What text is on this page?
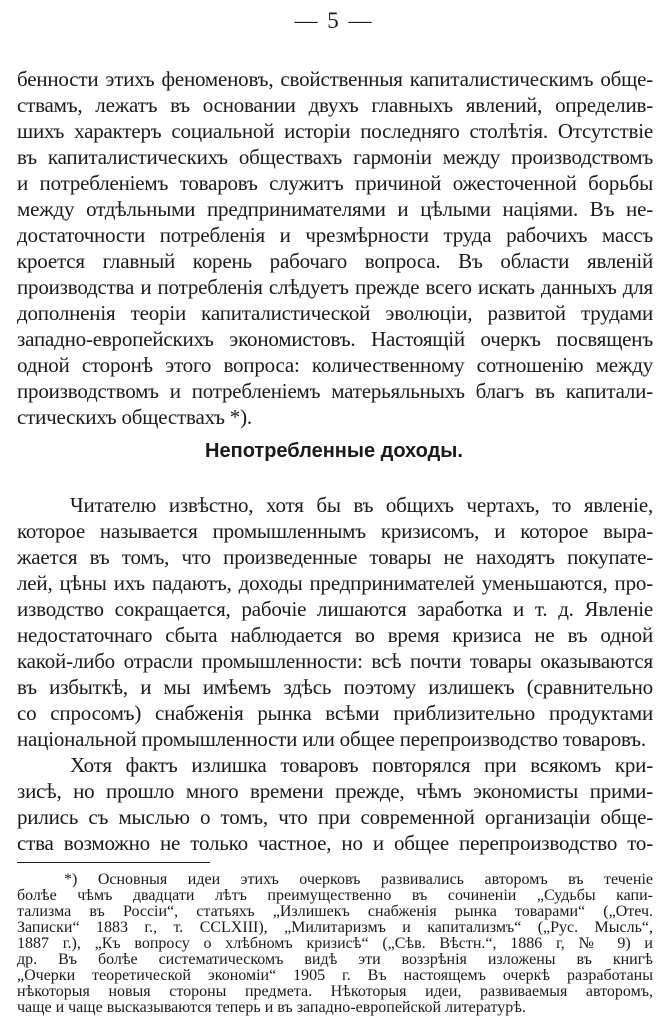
— 5 —
бенности этихъ феноменовъ, свойственныя капиталистическимъ обще-
ствамъ, лежатъ въ основании двухъ главныхъ явлений, определив-
шихъ характеръ социальной исторіи последняго столѣтія. Отсутствіе
въ капиталистическихъ обществахъ гармоніи между производствомъ
и потребленіемъ товаровъ служитъ причиной ожесточенной борьбы
между отдѣльными предпринимателями и цѣлыми націями. Въ не-
достаточности потребленія и чрезмѣрности труда рабочихъ массъ
кроется главный корень рабочаго вопроса. Въ области явленій
производства и потребленія слѣдуетъ прежде всего искать данныхъ для
дополненія теоріи капиталистической эволюціи, развитой трудами
западно-европейскихъ экономистовъ. Настоящій очеркъ посвященъ
одной сторонѣ этого вопроса: количественному сотношенію между
производствомъ и потребленіемъ матерьяльныхъ благъ въ капитали-
стическихъ обществахъ *).
Непотребленные доходы.
Читателю извѣстно, хотя бы въ общихъ чертахъ, то явленіе,
которое называется промышленнымъ кризисомъ, и которое выра-
жается въ томъ, что произведенные товары не находятъ покупате-
лей, цѣны ихъ падаютъ, доходы предпринимателей уменьшаются, про-
изводство сокращается, рабочіе лишаются заработка и т. д. Явленіе
недостаточнаго сбыта наблюдается во время кризиса не въ одной
какой-либо отрасли промышленности: всѣ почти товары оказываются
въ избыткѣ, и мы имѣемъ здѣсь поэтому излишекъ (сравнительно
со спросомъ) снабженія рынка всѣми приблизительно продуктами
національной промышленности или общее перепроизводство товаровъ.
Хотя фактъ излишка товаровъ повторялся при всякомъ кри-
зисѣ, но прошло много времени прежде, чѣмъ экономисты прими-
рились съ мыслью о томъ, что при современной организаціи обще-
ства возможно не только частное, но и общее перепроизводство то-
*) Основныя идеи этихъ очерковъ развивались авторомъ въ теченіе
болѣе чѣмъ двадцати лѣтъ преимущественно въ сочиненіи „Судьбы капи-
тализма въ Россіи“, статьяхъ „Излишекъ снабженія рынка товарами“ („Отеч.
Записки“ 1883 г., т. CCLXIII), „Милитаризмъ и капитализмъ“ („Рус. Мысль“,
1887 г.), „Къ вопросу о хлѣбномъ кризисѣ“ („Сѣв. Вѣстн.“, 1886 г, № 9) и
др. Въ болѣе систематическомъ видѣ эти воззрѣнія изложены въ книгѣ
„Очерки теоретической экономіи“ 1905 г. Въ настоящемъ очеркѣ разработаны
нѣкоторыя новыя стороны предмета. Нѣкоторыя идеи, развиваемыя авторомъ,
чаще и чаще высказываются теперь и въ западно-европейской литературѣ.
